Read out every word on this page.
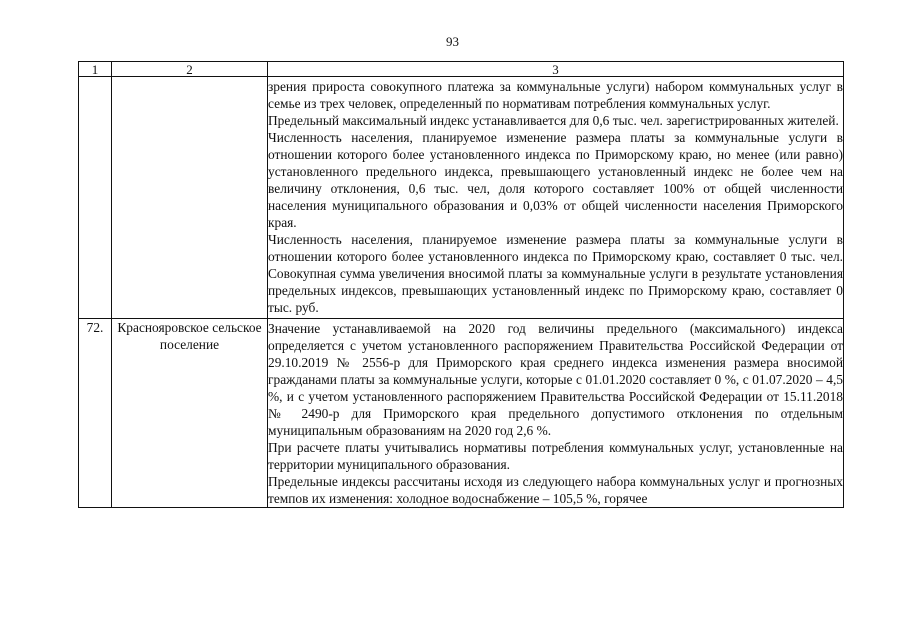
93
1	2	3

		зрения прироста совокупного платежа за коммунальные услуги) набором коммунальных услуг в семье из трех человек, определенный по нормативам потребления коммунальных услуг.

Предельный максимальный индекс устанавливается для 0,6 тыс. чел. зарегистрированных жителей.

Численность населения, планируемое изменение размера платы за коммунальные услуги в отношении которого более установленного индекса по Приморскому краю, но менее (или равно) установленного предельного индекса, превышающего установленный индекс не более чем на величину отклонения, 0,6 тыс. чел, доля которого составляет 100% от общей численности населения муниципального образования и 0,03% от общей численности населения Приморского края.

Численность населения, планируемое изменение размера платы за коммунальные услуги в отношении которого более установленного индекса по Приморскому краю, составляет 0 тыс. чел. Совокупная сумма увеличения вносимой платы за коммунальные услуги в результате установления предельных индексов, превышающих установленный индекс по Приморскому краю, составляет 0 тыс. руб.

72.	Краснояровское сельское поселение	Значение устанавливаемой на 2020 год величины предельного (максимального) индекса определяется с учетом установленного распоряжением Правительства Российской Федерации от 29.10.2019 № 2556-р для Приморского края среднего индекса изменения размера вносимой гражданами платы за коммунальные услуги, которые с 01.01.2020 составляет 0 %, с 01.07.2020 – 4,5 %, и с учетом установленного распоряжением Правительства Российской Федерации от 15.11.2018 № 2490-р для Приморского края предельного допустимого отклонения по отдельным муниципальным образованиям на 2020 год 2,6 %.

При расчете платы учитывались нормативы потребления коммунальных услуг, установленные на территории муниципального образования.

Предельные индексы рассчитаны исходя из следующего набора коммунальных услуг и прогнозных темпов их изменения: холодное водоснабжение – 105,5 %, горячее
